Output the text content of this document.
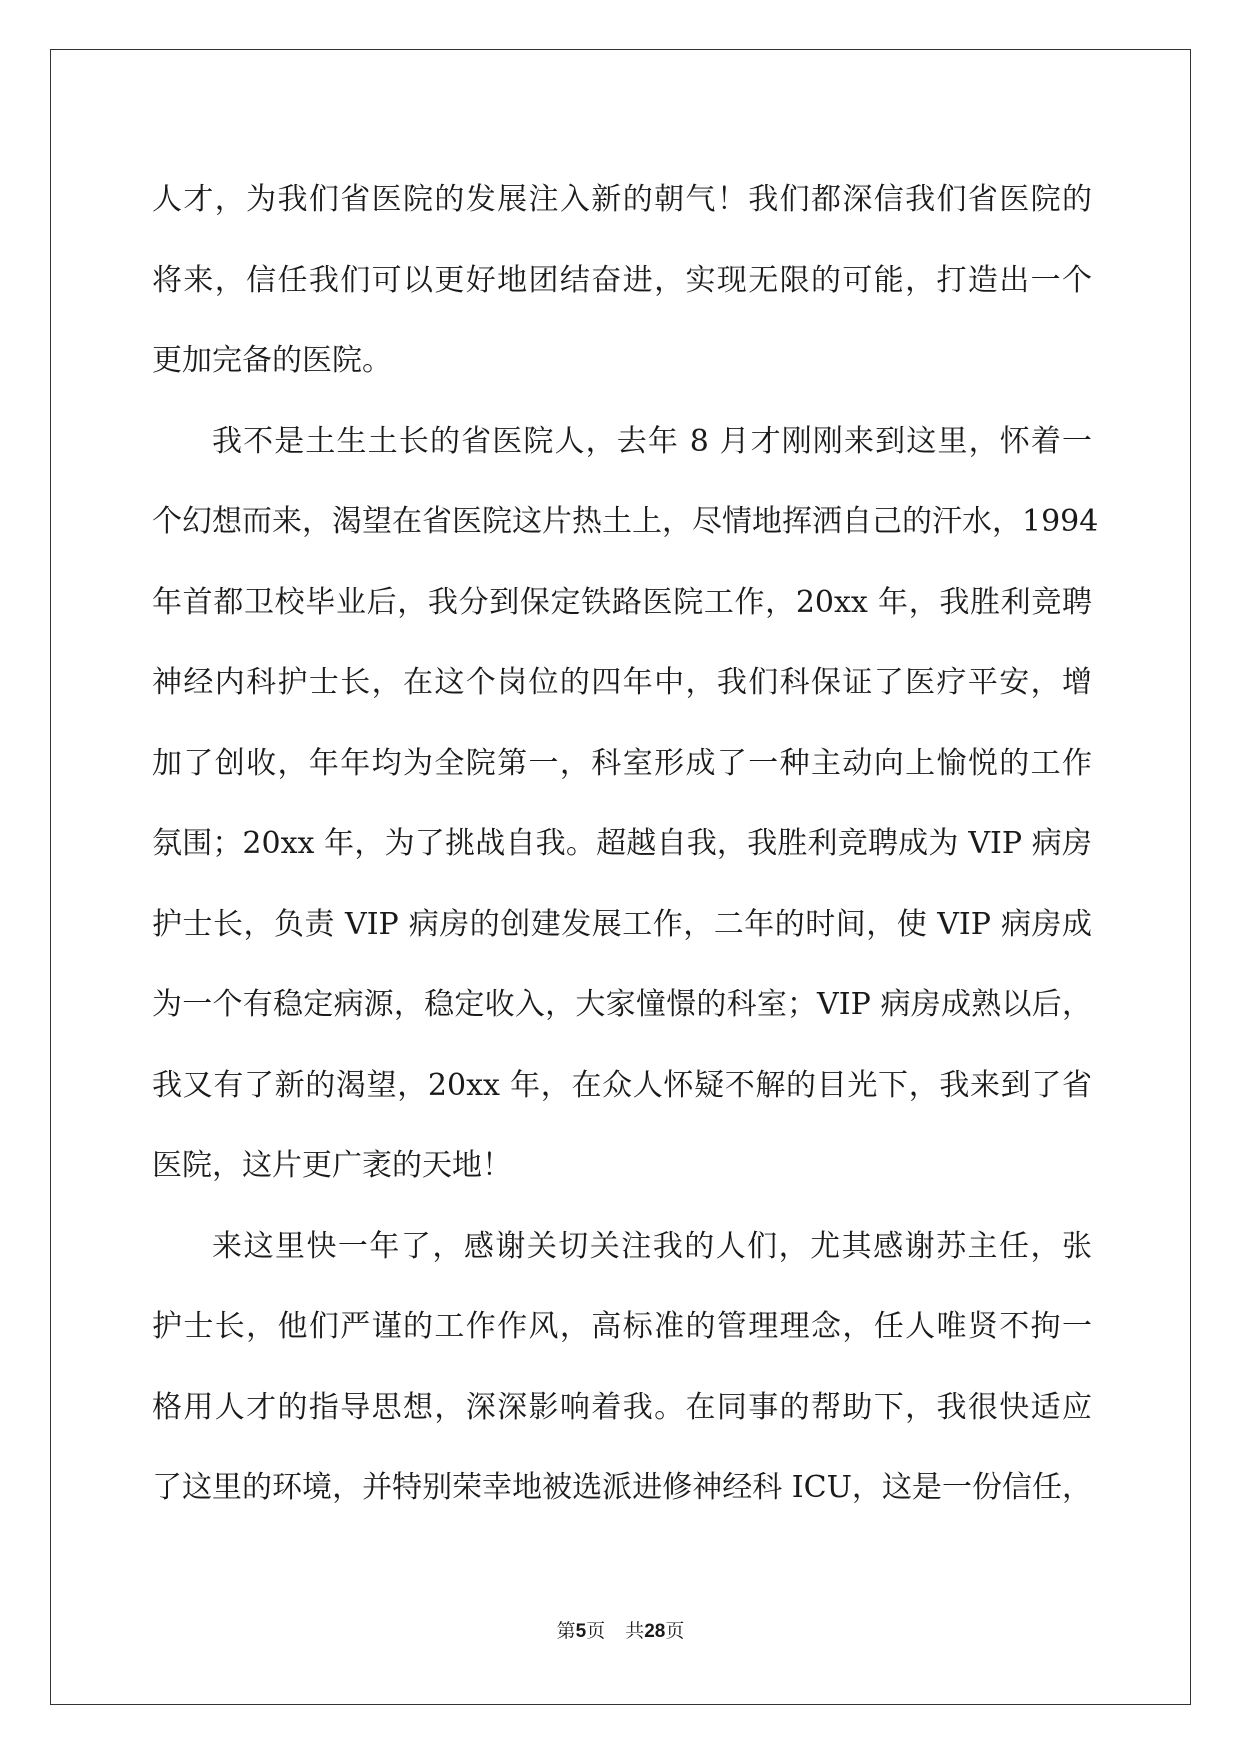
人才，为我们省医院的发展注入新的朝气！我们都深信我们省医院的
将来，信任我们可以更好地团结奋进，实现无限的可能，打造出一个
更加完备的医院。
我不是土生土长的省医院人，去年 8 月才刚刚来到这里，怀着一
个幻想而来，渴望在省医院这片热土上，尽情地挥洒自己的汗水，1994
年首都卫校毕业后，我分到保定铁路医院工作，20xx 年，我胜利竞聘
神经内科护士长，在这个岗位的四年中，我们科保证了医疗平安，增
加了创收，年年均为全院第一，科室形成了一种主动向上愉悦的工作
氛围；20xx 年，为了挑战自我。超越自我，我胜利竞聘成为 VIP 病房
护士长，负责 VIP 病房的创建发展工作，二年的时间，使 VIP 病房成
为一个有稳定病源，稳定收入，大家憧憬的科室；VIP 病房成熟以后，
我又有了新的渴望，20xx 年，在众人怀疑不解的目光下，我来到了省
医院，这片更广袤的天地！
来这里快一年了，感谢关切关注我的人们，尤其感谢苏主任，张
护士长，他们严谨的工作作风，高标准的管理理念，任人唯贤不拘一
格用人才的指导思想，深深影响着我。在同事的帮助下，我很快适应
了这里的环境，并特别荣幸地被选派进修神经科 ICU，这是一份信任，
第5页 共28页
